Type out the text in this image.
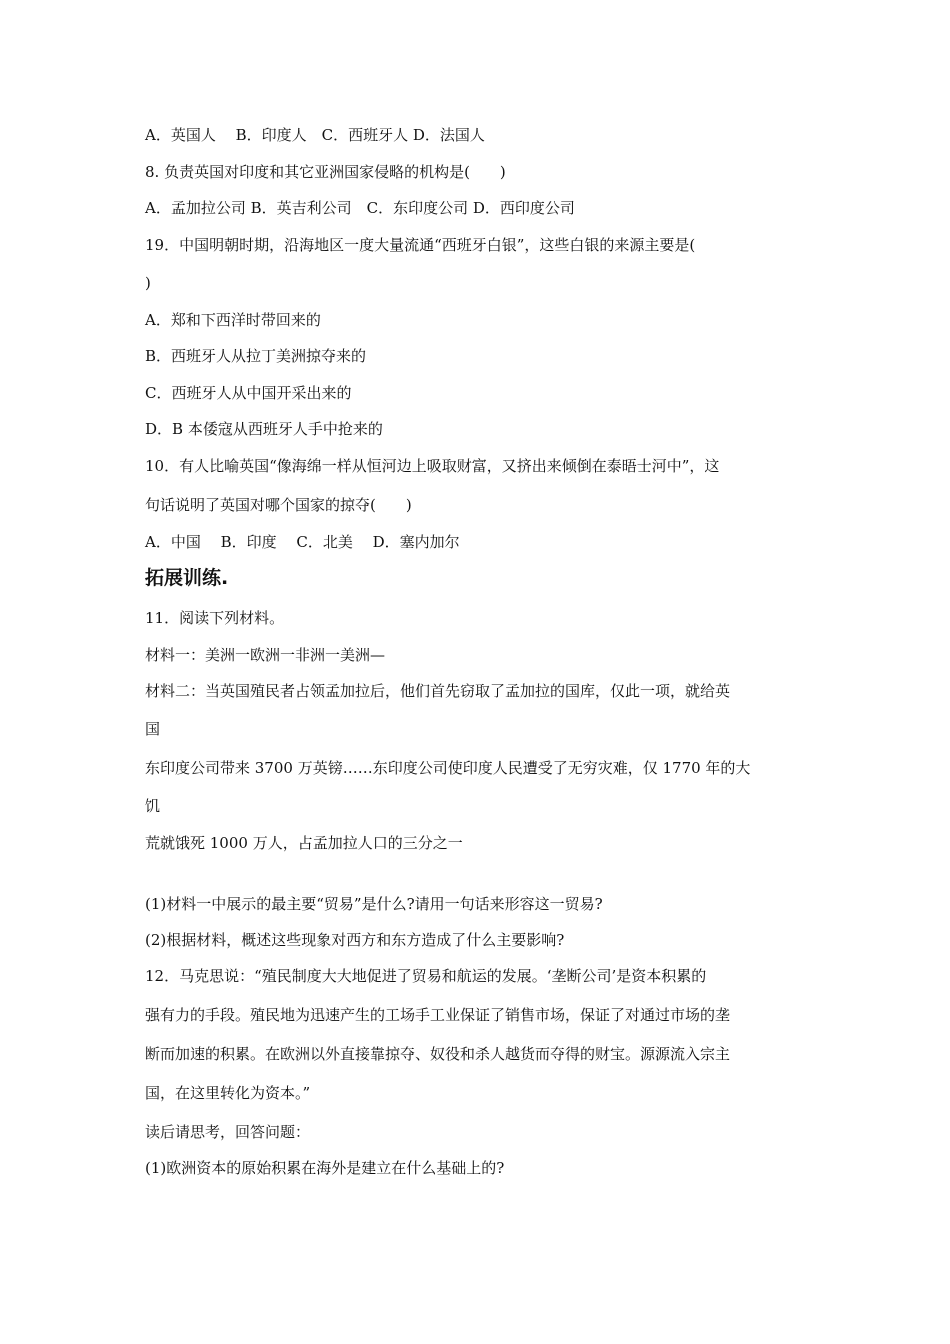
A．英国人　 B．印度人　C．西班牙人 D．法国人
8. 负责英国对印度和其它亚洲国家侵略的机构是(　　)
A．孟加拉公司 B．英吉利公司　C．东印度公司 D．西印度公司
19．中国明朝时期，沿海地区一度大量流通“西班牙白银”，这些白银的来源主要是(
)
A．郑和下西洋时带回来的
B．西班牙人从拉丁美洲掠夺来的
C．西班牙人从中国开采出来的
D．B 本倭寇从西班牙人手中抢来的
10．有人比喻英国“像海绵一样从恒河边上吸取财富，又挤出来倾倒在泰晤士河中”，这
句话说明了英国对哪个国家的掠夺(　　)
A．中国　 B．印度　 C．北美　 D．塞内加尔
拓展训练.
11．阅读下列材料。
材料一：美洲一欧洲一非洲一美洲—
材料二：当英国殖民者占领孟加拉后，他们首先窃取了孟加拉的国库，仅此一项，就给英
国
东印度公司带来 3700 万英镑……东印度公司使印度人民遭受了无穷灾难，仅 1770 年的大
饥
荒就饿死 1000 万人，占孟加拉人口的三分之一
(1)材料一中展示的最主要“贸易”是什么?请用一句话来形容这一贸易?
(2)根据材料，概述这些现象对西方和东方造成了什么主要影响?
12．马克思说：“殖民制度大大地促进了贸易和航运的发展。‘垄断公司’是资本积累的
强有力的手段。殖民地为迅速产生的工场手工业保证了销售市场，保证了对通过市场的垄
断而加速的积累。在欧洲以外直接靠掠夺、奴役和杀人越货而夺得的财宝。源源流入宗主
国，在这里转化为资本。”
读后请思考，回答问题：
(1)欧洲资本的原始积累在海外是建立在什么基础上的?
